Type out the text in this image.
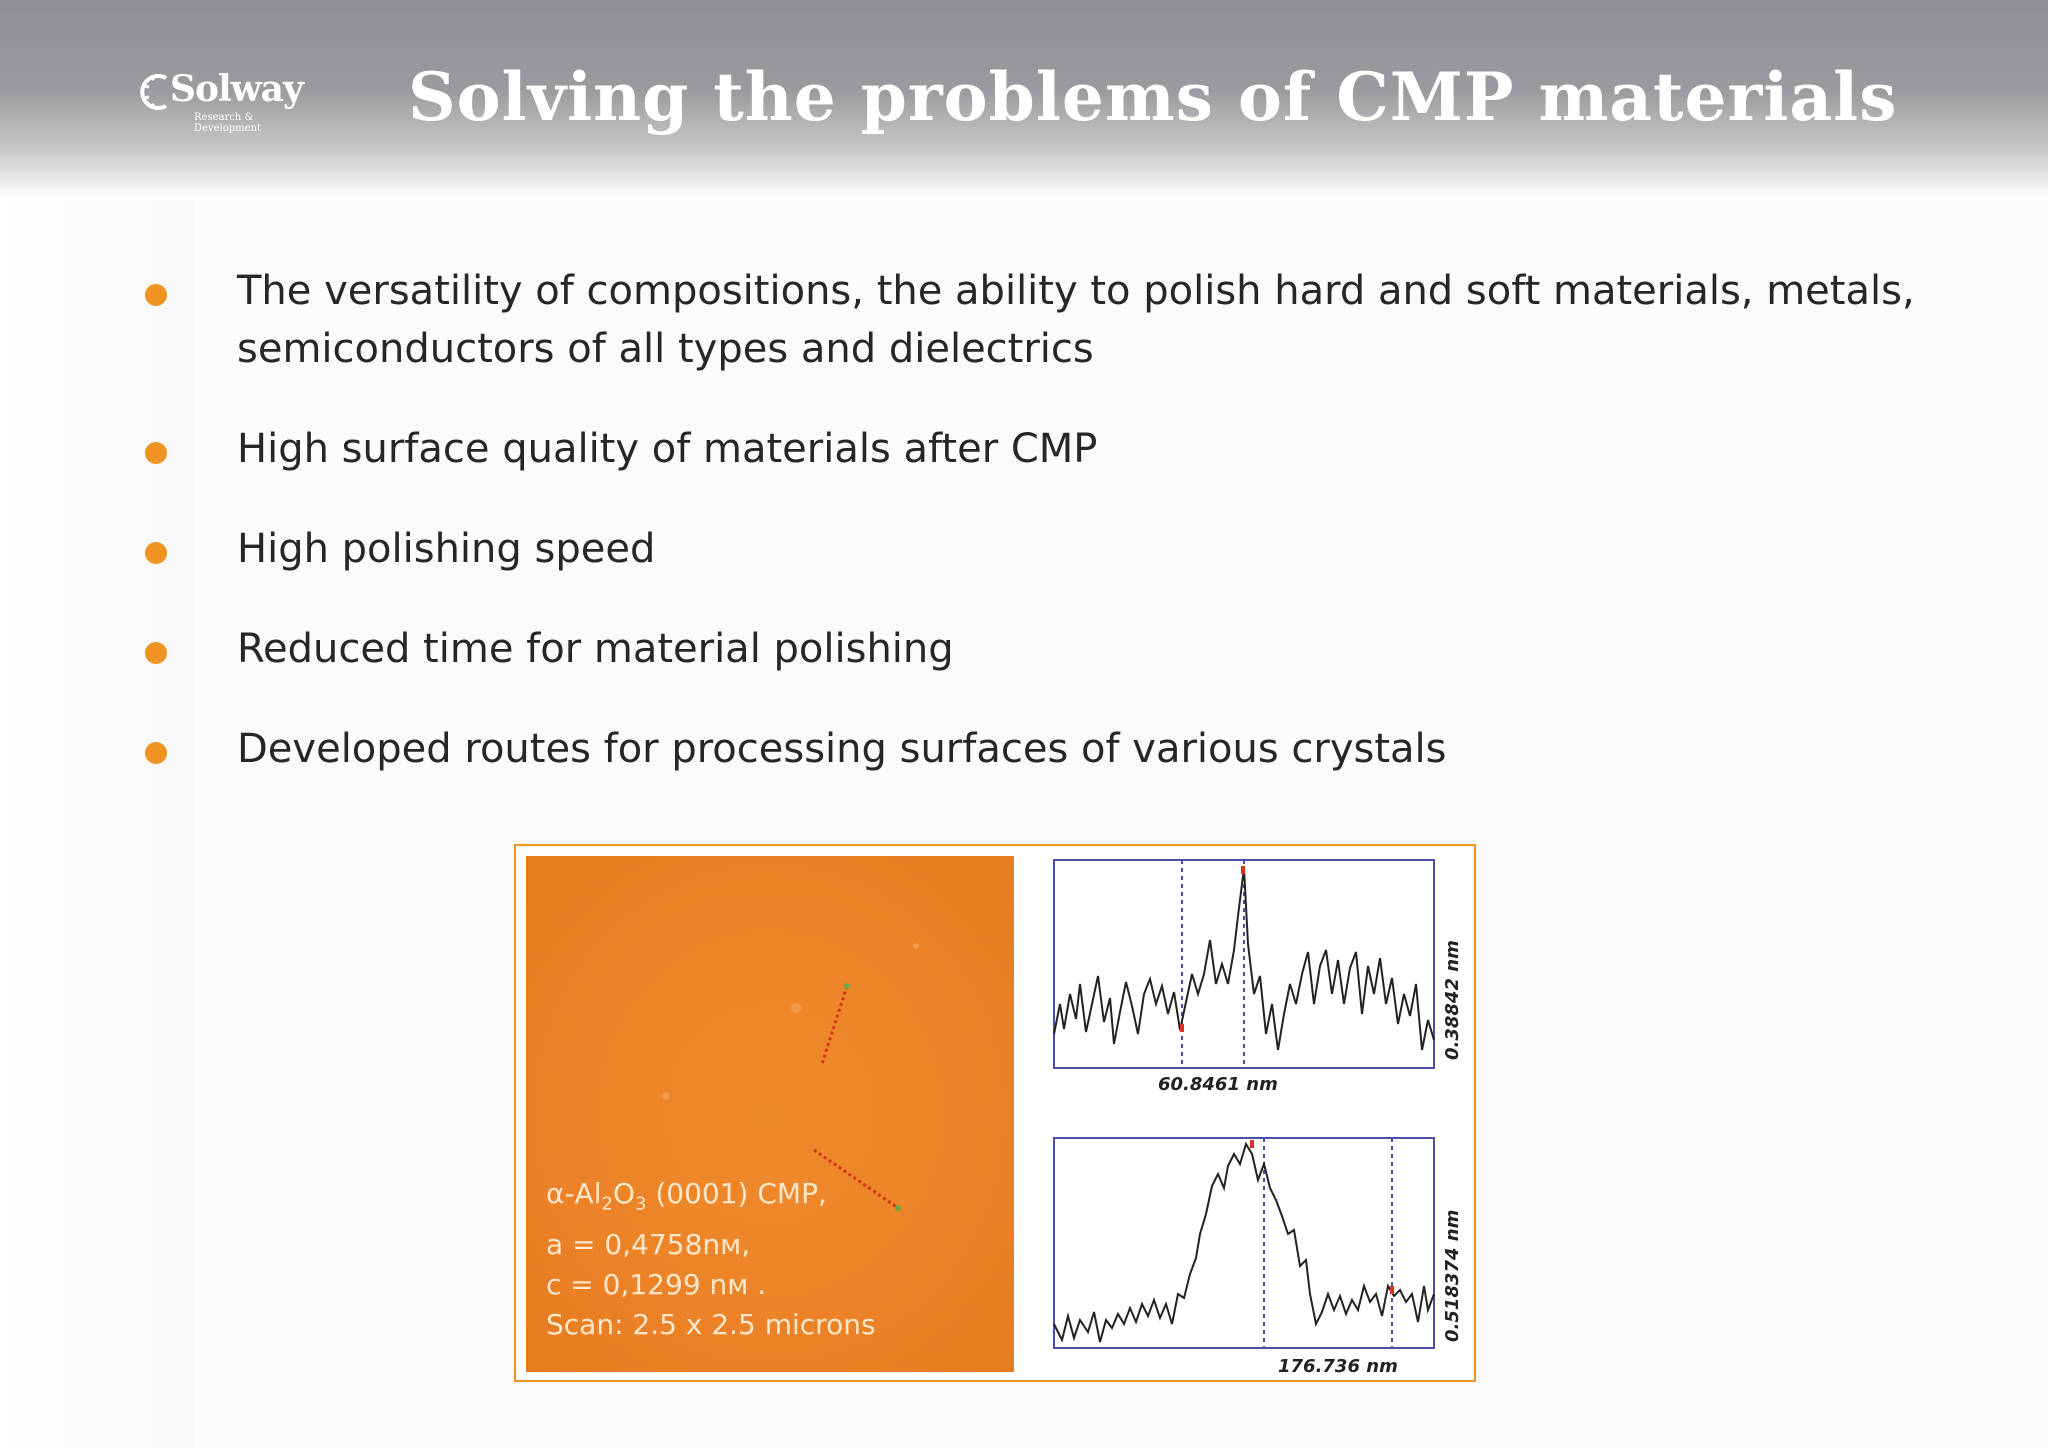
Solway
Research &
Development	Solving the problems of CMP materials
The versatility of compositions, the ability to polish hard and soft materials, metals,
semiconductors of all types and dielectrics
High surface quality of materials after CMP
High polishing speed
Reduced time for material polishing
Developed routes for processing surfaces of various crystals
$\alpha-Al_2O_3$ (0001) CMP,
a = 0,4758nм,
c = 0,1299 nм .
Scan: 2.5 x 2.5 microns
60.8461 nm
0.38842 nm
176.736 nm
0.518374 nm
